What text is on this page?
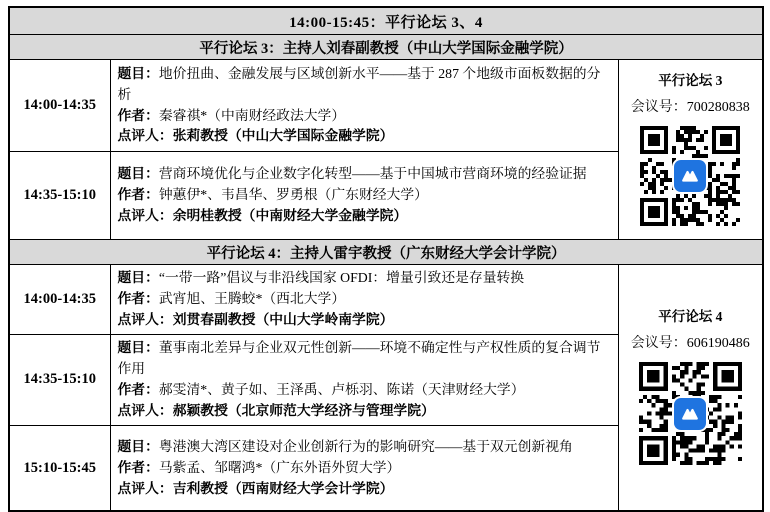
14:00-15:45：平行论坛 3、4		
平行论坛 3：主持人刘春副教授（中山大学国际金融学院）		
14:00-14:35	
题目：地价扭曲、金融发展与区域创新水平——基于 287 个地级市面板数据的分析
作者：秦睿祺*（中南财经政法大学）
点评人：张莉教授（中山大学国际金融学院）

平行论坛 3
会议号：700280838

14:35-15:10	题目：营商环境优化与企业数字化转型——基于中国城市营商环境的经验证据
作者：钟蕙伊*、韦昌华、罗勇根（广东财经大学）
点评人：余明桂教授（中南财经大学金融学院）	

平行论坛 4：主持人雷宇教授（广东财经大学会计学院）		
14:00-14:35	
题目：“一带一路”倡议与非沿线国家 OFDI：增量引致还是存量转换
作者：武宵旭、王腾蛟*（西北大学）
点评人：刘贯春副教授（中山大学岭南学院）	平行论坛 4
会议号：606190486

14:35-15:10	题目：董事南北差异与企业双元性创新——环境不确定性与产权性质的复合调节作用
作者：郝雯清*、黄子如、王泽禹、卢栎羽、陈诺（天津财经大学）
点评人：郝颖教授（北京师范大学经济与管理学院）	

15:10-15:45	题目：粤港澳大湾区建设对企业创新行为的影响研究——基于双元创新视角
作者：马紫孟、邹曙鸿*（广东外语外贸大学）
点评人：吉利教授（西南财经大学会计学院）	
